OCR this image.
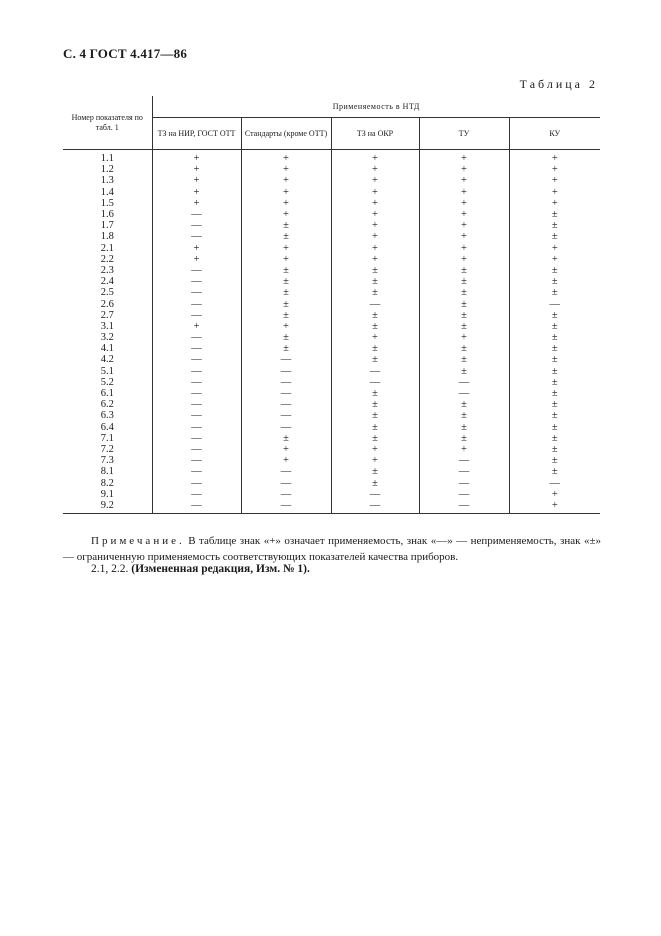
С. 4 ГОСТ 4.417—86
Таблица 2
Номер показателя по табл. 1	Применяемость в НТД				
	ТЗ на НИР, ГОСТ ОТТ	Стандарты (кроме ОТТ)	ТЗ на ОКР	ТУ	КУ
1.1	+	+	+	+	+
1.2	+	+	+	+	+
1.3	+	+	+	+	+
1.4	+	+	+	+	+
1.5	+	+	+	+	+
1.6	—	+	+	+	±
1.7	—	±	+	+	±
1.8	—	±	+	+	±
2.1	+	+	+	+	+
2.2	+	+	+	+	+
2.3	—	±	±	±	±
2.4	—	±	±	±	±
2.5	—	±	±	±	±
2.6	—	±	—	±	—
2.7	—	±	±	±	±
3.1	+	+	±	±	±
3.2	—	±	+	+	±
4.1	—	±	±	±	±
4.2	—	—	±	±	±
5.1	—	—	—	±	±
5.2	—	—	—	—	±
6.1	—	—	±	—	±
6.2	—	—	±	±	±
6.3	—	—	±	±	±
6.4	—	—	±	±	±
7.1	—	±	±	±	±
7.2	—	+	+	+	±
7.3	—	+	+	—	±
8.1	—	—	±	—	±
8.2	—	—	±	—	—
9.1	—	—	—	—	+
9.2	—	—	—	—	+

Примечание. В таблице знак «+» означает применяемость, знак «—» — неприменяемость, знак «±» — ограниченную применяемость соответствующих показателей качества приборов.

2.1, 2.2. (Измененная редакция, Изм. № 1).
